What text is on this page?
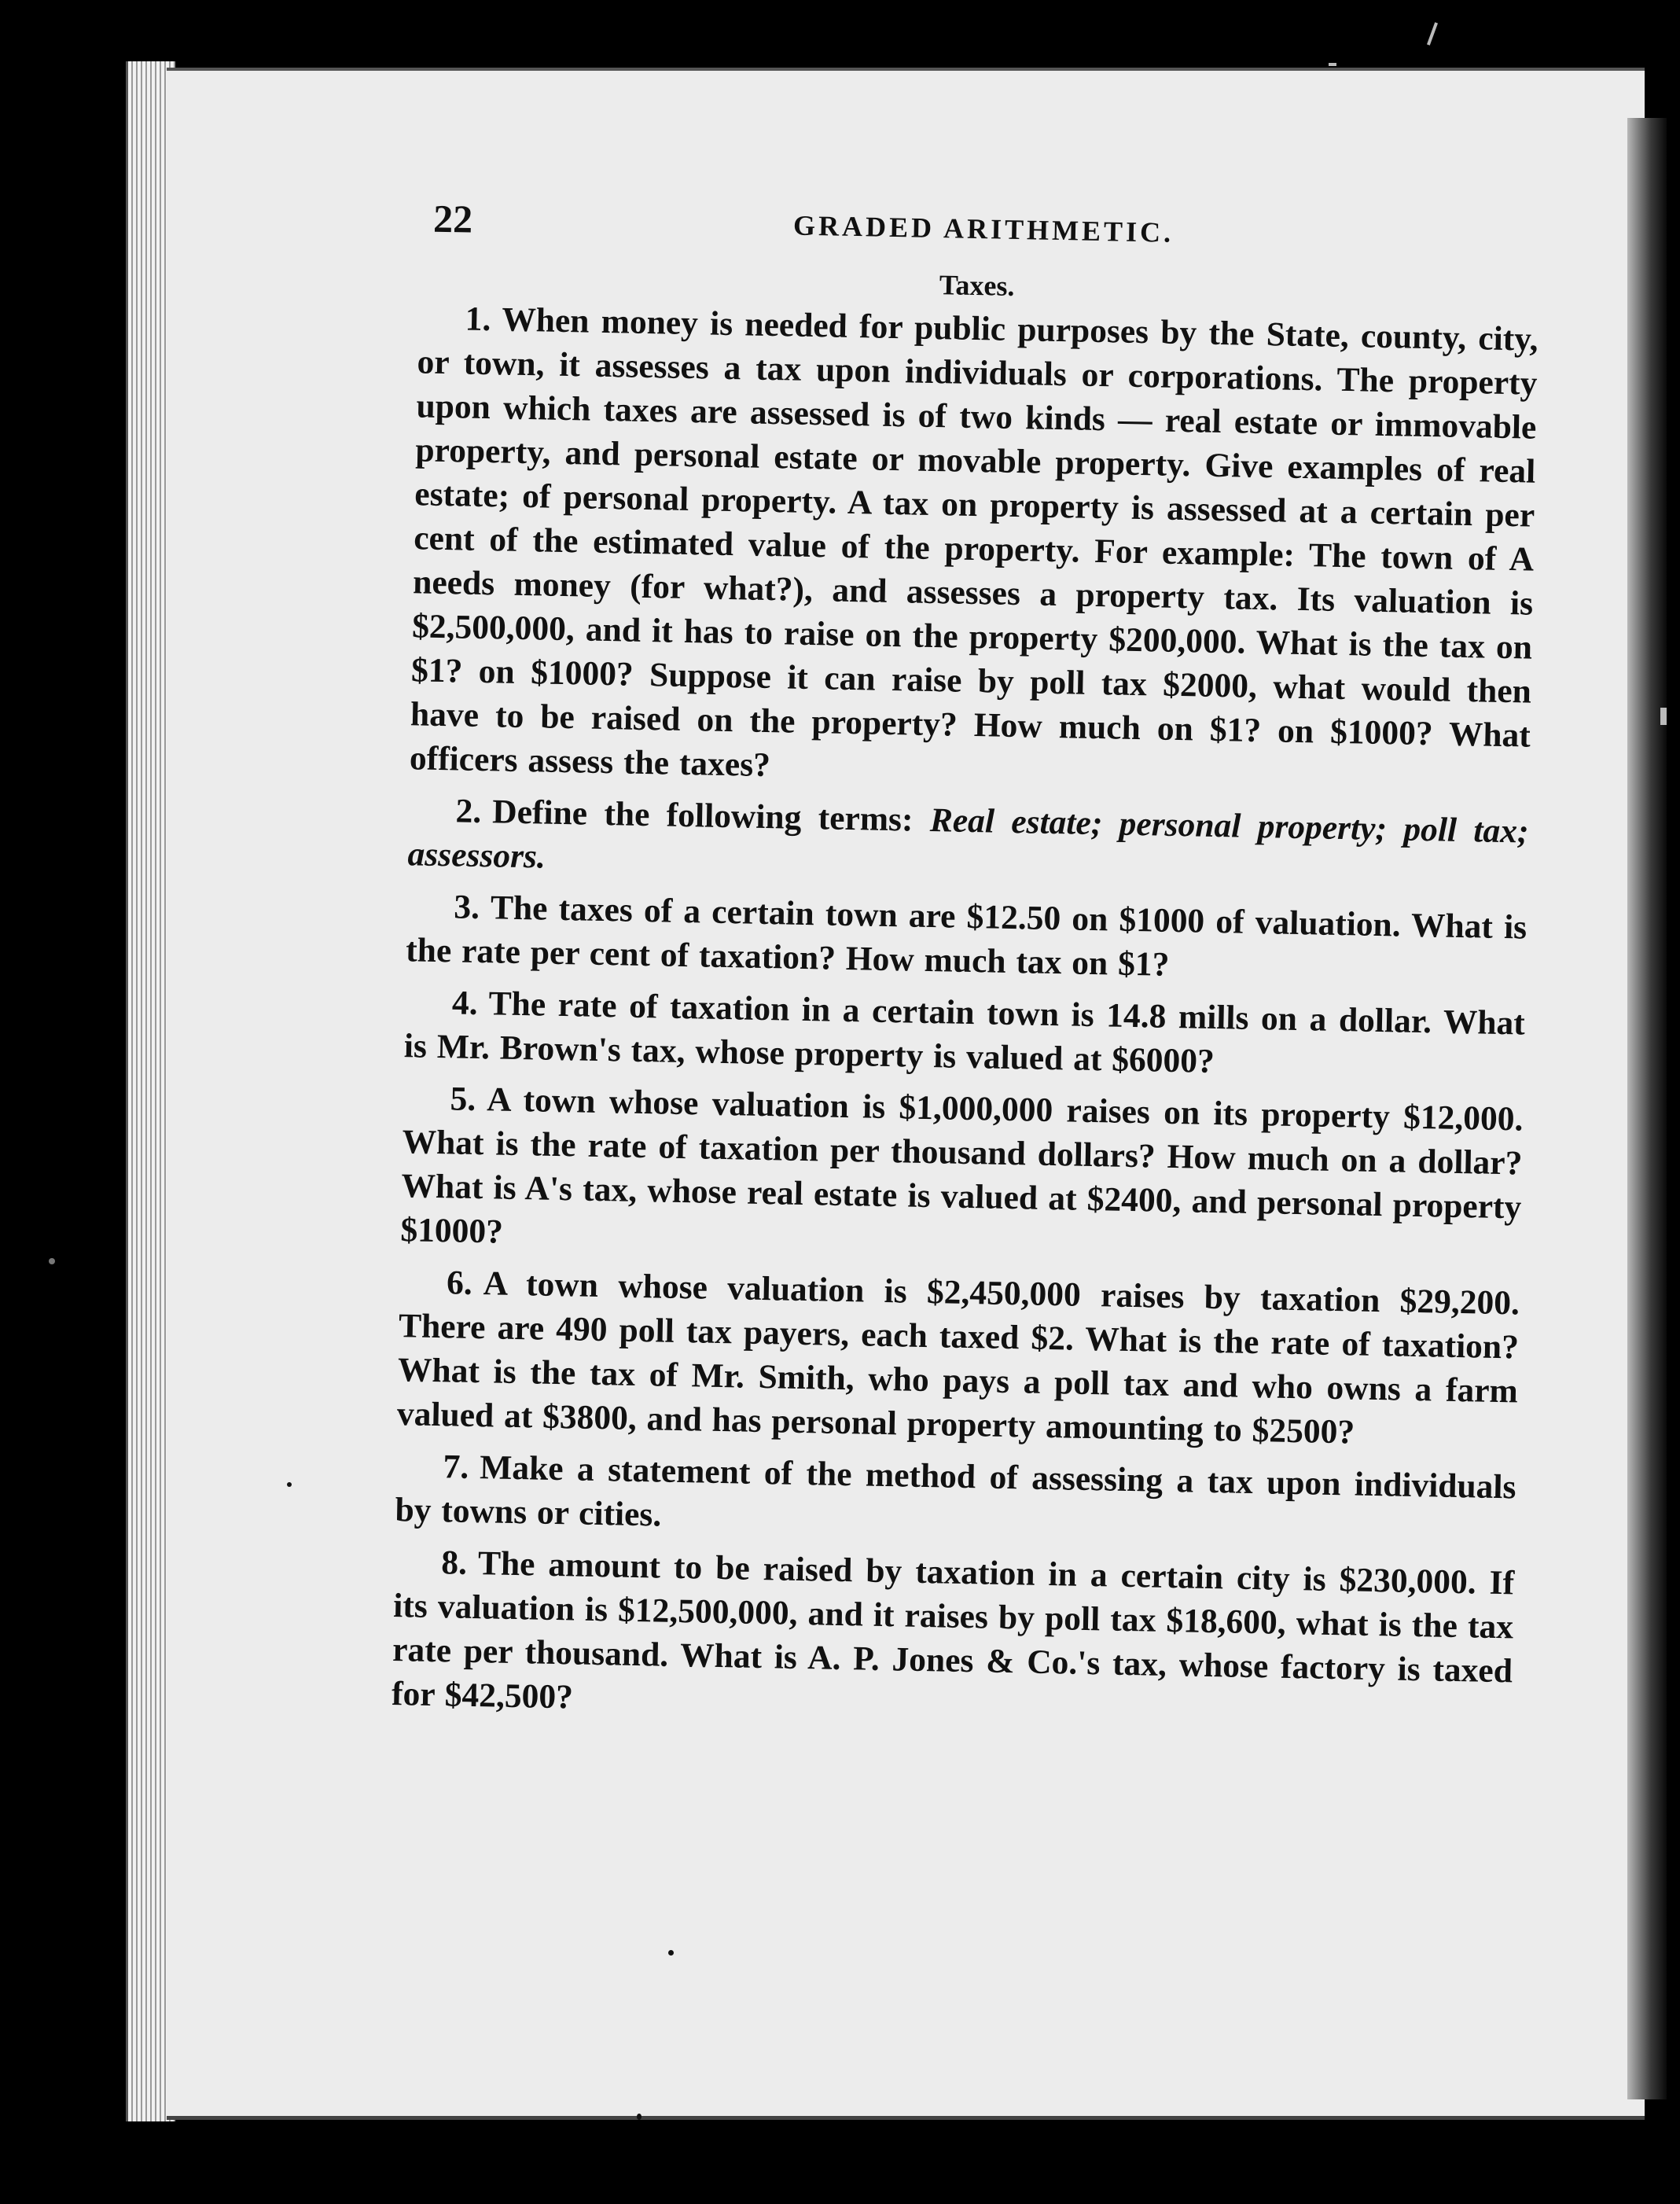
22	GRADED ARITHMETIC.
Taxes.

1. When money is needed for public purposes by the State, county, city, or town, it assesses a tax upon individuals or corporations. The property upon which taxes are assessed is of two kinds — real estate or immovable property, and personal estate or movable property. Give examples of real estate; of personal property. A tax on property is assessed at a certain per cent of the estimated value of the property. For example: The town of A needs money (for what?), and assesses a property tax. Its valuation is $2,500,000, and it has to raise on the property $200,000. What is the tax on $1? on $1000? Suppose it can raise by poll tax $2000, what would then have to be raised on the property? How much on $1? on $1000? What officers assess the taxes?

2. Define the following terms: Real estate; personal property; poll tax; assessors.

3. The taxes of a certain town are $12.50 on $1000 of valuation. What is the rate per cent of taxation? How much tax on $1?

4. The rate of taxation in a certain town is 14.8 mills on a dollar. What is Mr. Brown's tax, whose property is valued at $6000?

5. A town whose valuation is $1,000,000 raises on its property $12,000. What is the rate of taxation per thousand dollars? How much on a dollar? What is A's tax, whose real estate is valued at $2400, and personal property $1000?

6. A town whose valuation is $2,450,000 raises by taxation $29,200. There are 490 poll tax payers, each taxed $2. What is the rate of taxation? What is the tax of Mr. Smith, who pays a poll tax and who owns a farm valued at $3800, and has personal property amounting to $2500?

7. Make a statement of the method of assessing a tax upon individuals by towns or cities.

8. The amount to be raised by taxation in a certain city is $230,000. If its valuation is $12,500,000, and it raises by poll tax $18,600, what is the tax rate per thousand. What is A. P. Jones & Co.'s tax, whose factory is taxed for $42,500?
